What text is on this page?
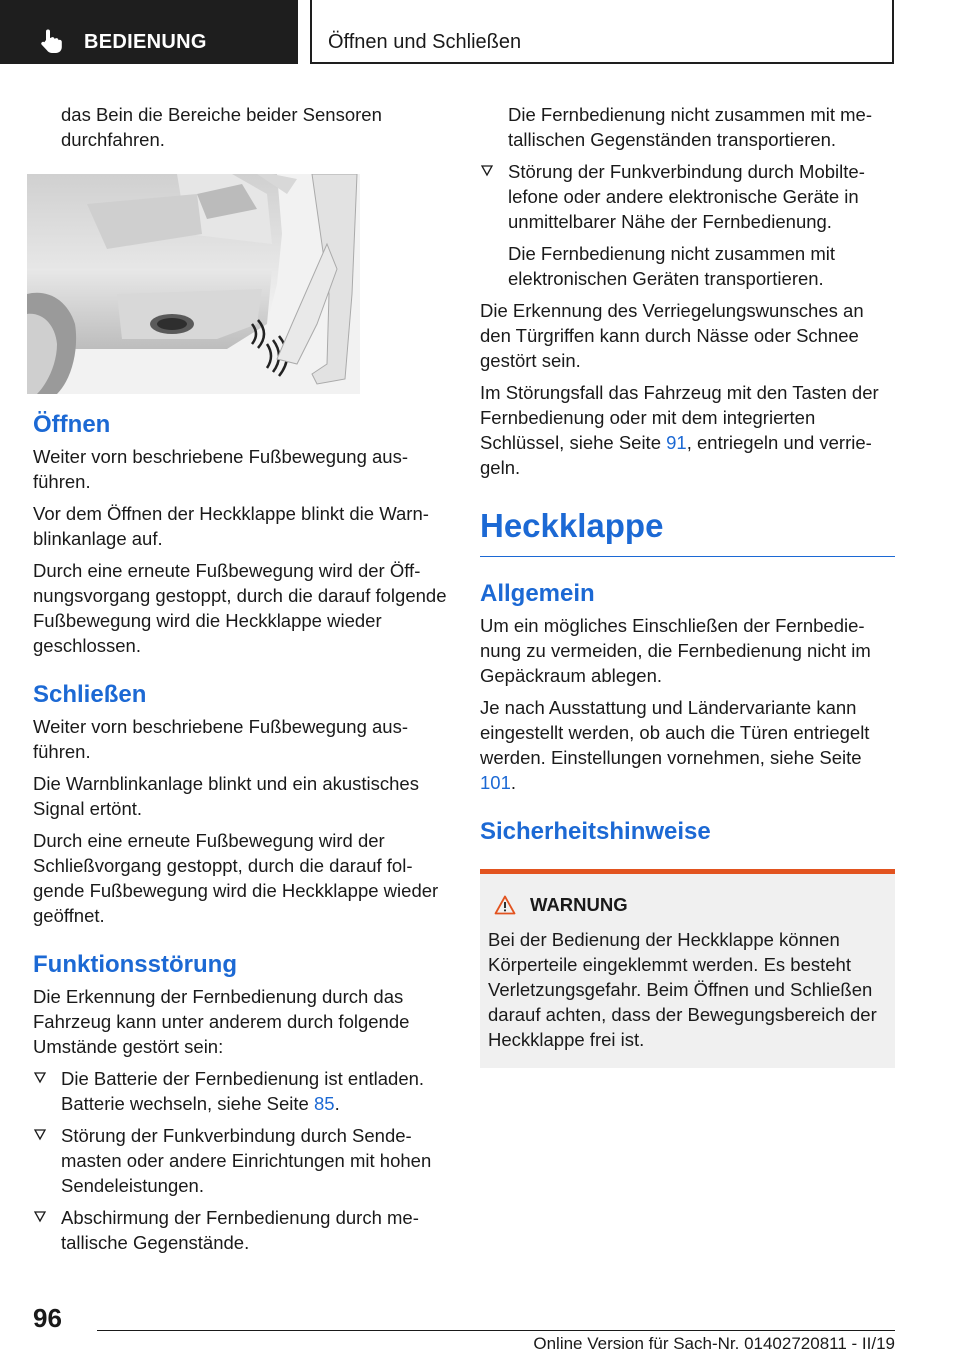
BEDIENUNG	Öffnen und Schließen

das Bein die Bereiche beider Sensoren
durchfahren.

Öffnen

Weiter vorn beschriebene Fußbewegung ausführen.

Vor dem Öffnen der Heckklappe blinkt die Warnblinkanlage auf.

Durch eine erneute Fußbewegung wird der Öffnungsvorgang gestoppt, durch die darauf folgende Fußbewegung wird die Heckklappe wieder geschlossen.

Schließen

Weiter vorn beschriebene Fußbewegung ausführen.

Die Warnblinkanlage blinkt und ein akustisches Signal ertönt.

Durch eine erneute Fußbewegung wird der Schließvorgang gestoppt, durch die darauf folgende Fußbewegung wird die Heckklappe wieder geöffnet.

Funktionsstörung

Die Erkennung der Fernbedienung durch das Fahrzeug kann unter anderem durch folgende Umstände gestört sein:

Die Batterie der Fernbedienung ist entladen. Batterie wechseln, siehe Seite 85.
Störung der Funkverbindung durch Sendemasten oder andere Einrichtungen mit hohen Sendeleistungen.
Abschirmung der Fernbedienung durch metallische Gegenstände.

Die Fernbedienung nicht zusammen mit metallischen Gegenständen transportieren.

Störung der Funkverbindung durch Mobiltelefone oder andere elektronische Geräte in unmittelbarer Nähe der Fernbedienung.

Die Fernbedienung nicht zusammen mit elektronischen Geräten transportieren.

Die Erkennung des Verriegelungswunsches an den Türgriffen kann durch Nässe oder Schnee gestört sein.

Im Störungsfall das Fahrzeug mit den Tasten der Fernbedienung oder mit dem integrierten Schlüssel, siehe Seite 91, entriegeln und verriegeln.

Heckklappe
Allgemein

Um ein mögliches Einschließen der Fernbedienung zu vermeiden, die Fernbedienung nicht im Gepäckraum ablegen.

Je nach Ausstattung und Ländervariante kann eingestellt werden, ob auch die Türen entriegelt werden. Einstellungen vornehmen, siehe Seite 101.

Sicherheitshinweise
WARNUNG

Bei der Bedienung der Heckklappe können Körperteile eingeklemmt werden. Es besteht Verletzungsgefahr. Beim Öffnen und Schließen darauf achten, dass der Bewegungsbereich der Heckklappe frei ist.

96
Online Version für Sach-Nr. 01402720811 - II/19
